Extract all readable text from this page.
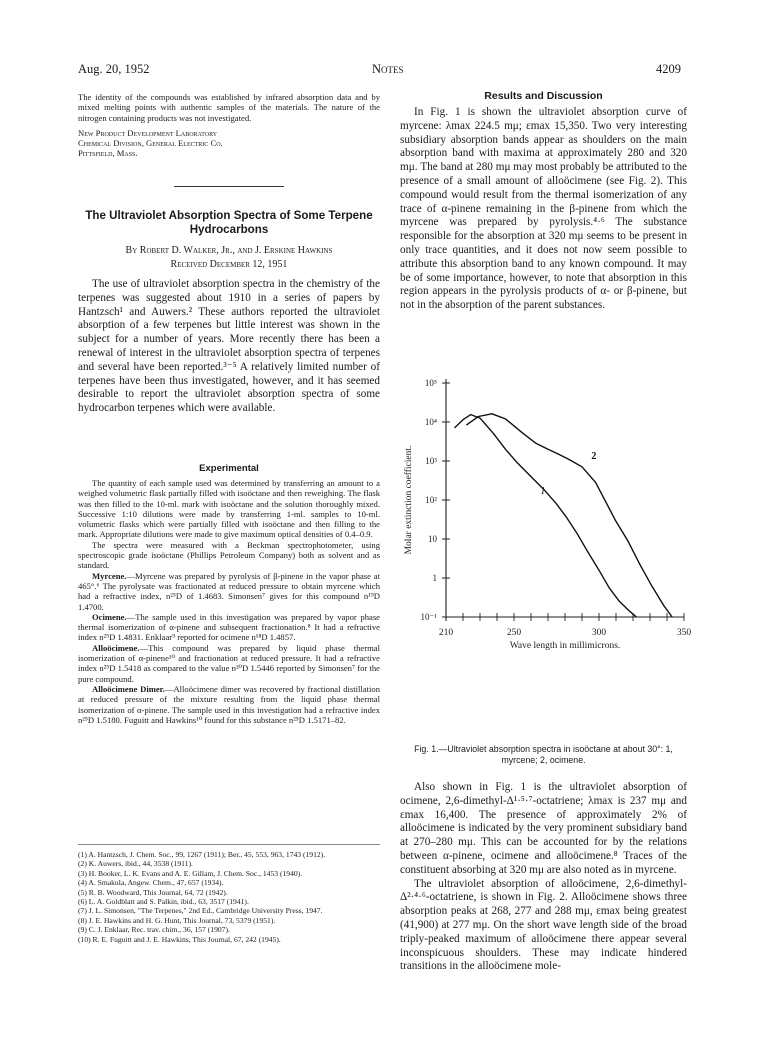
Aug. 20, 1952	Notes	4209

The identity of the compounds was established by infrared absorption data and by mixed melting points with authentic samples of the materials. The nature of the nitrogen containing products was not investigated.

New Product Development Laboratory
Chemical Division, General Electric Co.
Pittsfield, Mass.
The Ultraviolet Absorption Spectra of Some Terpene Hydrocarbons
By Robert D. Walker, Jr., and J. Erskine Hawkins
Received December 12, 1951

The use of ultraviolet absorption spectra in the chemistry of the terpenes was suggested about 1910 in a series of papers by Hantzsch¹ and Auwers.² These authors reported the ultraviolet absorption of a few terpenes but little interest was shown in the subject for a number of years. More recently there has been a renewal of interest in the ultraviolet absorption spectra of terpenes and several have been reported.³⁻⁵ A relatively limited number of terpenes have been thus investigated, however, and it has seemed desirable to report the ultraviolet absorption spectra of some hydrocarbon terpenes which were available.

Experimental

The quantity of each sample used was determined by transferring an amount to a weighed volumetric flask partially filled with isoöctane and then reweighing. The flask was then filled to the 10-ml. mark with isoöctane and the solution thoroughly mixed. Successive 1:10 dilutions were made by transferring 1-ml. samples to 10-ml. volumetric flasks which were partially filled with isoöctane and then filling to the mark. Appropriate dilutions were made to give maximum optical densities of 0.4–0.9.

The spectra were measured with a Beckman spectrophotometer, using spectroscopic grade isoöctane (Phillips Petroleum Company) both as solvent and as standard.

Myrcene.—Myrcene was prepared by pyrolysis of β-pinene in the vapor phase at 465°.⁶ The pyrolysate was fractionated at reduced pressure to obtain myrcene which had a refractive index, n²⁵D of 1.4683. Simonsen⁷ gives for this compound n¹⁹D 1.4700.

Ocimene.—The sample used in this investigation was prepared by vapor phase thermal isomerization of α-pinene and subsequent fractionation.⁸ It had a refractive index n²⁵D 1.4831. Enklaar⁹ reported for ocimene n¹⁸D 1.4857.

Alloöcimene.—This compound was prepared by liquid phase thermal isomerization of α-pinene¹⁰ and fractionation at reduced pressure. It had a refractive index n²⁵D 1.5418 as compared to the value n²⁰D 1.5446 reported by Simonsen⁷ for the pure compound.

Alloöcimene Dimer.—Alloöcimene dimer was recovered by fractional distillation at reduced pressure of the mixture resulting from the liquid phase thermal isomerization of α-pinene. The sample used in this investigation had a refractive index n²⁵D 1.5180. Fuguitt and Hawkins¹⁰ found for this substance n²⁵D 1.5171–82.

(1) A. Hantzsch, J. Chem. Soc., 99, 1267 (1911); Ber., 45, 553, 963, 1743 (1912).
(2) K. Auwers, ibid., 44, 3538 (1911).
(3) H. Booker, L. K. Evans and A. E. Gillam, J. Chem. Soc., 1453 (1940).
(4) A. Smakula, Angew. Chem., 47, 657 (1934).
(5) R. B. Woodward, This Journal, 64, 72 (1942).
(6) L. A. Goldblatt and S. Palkin, ibid., 63, 3517 (1941).
(7) J. L. Simonsen, "The Terpenes," 2nd Ed., Cambridge University Press, 1947.
(8) J. E. Hawkins and H. G. Hunt, This Journal, 73, 5379 (1951).
(9) C. J. Enklaar, Rec. trav. chim., 36, 157 (1907).
(10) R. E. Fuguitt and J. E. Hawkins, This Journal, 67, 242 (1945).
Results and Discussion

In Fig. 1 is shown the ultraviolet absorption curve of myrcene: λmax 224.5 mμ; εmax 15,350. Two very interesting subsidiary absorption bands appear as shoulders on the main absorption band with maxima at approximately 280 and 320 mμ. The band at 280 mμ may most probably be attributed to the presence of a small amount of alloöcimene (see Fig. 2). This compound would result from the thermal isomerization of any trace of α-pinene remaining in the β-pinene from which the myrcene was prepared by pyrolysis.⁴·⁶ The substance responsible for the absorption at 320 mμ seems to be present in only trace quantities, and it does not now seem possible to attribute this absorption band to any known compound. It may be of some importance, however, to note that absorption in this region appears in the pyrolysis products of α- or β-pinene, but not in the absorption of the parent substances.

10⁻¹
1
10
10²
10³
10⁴
10⁵
210	250	300	350
Wave length in millimicrons.
Molar extinction coefficient.	1
2
Fig. 1.—Ultraviolet absorption spectra in isoöctane at about 30°: 1, myrcene; 2, ocimene.

Also shown in Fig. 1 is the ultraviolet absorption of ocimene, 2,6-dimethyl-Δ¹·⁵·⁷-octatriene; λmax is 237 mμ and εmax 16,400. The presence of approximately 2% of alloöcimene is indicated by the very prominent subsidiary band at 270–280 mμ. This can be accounted for by the relations between α-pinene, ocimene and alloöcimene.⁸ Traces of the constituent absorbing at 320 mμ are also noted as in myrcene.

The ultraviolet absorption of alloöcimene, 2,6-dimethyl-Δ²·⁴·⁶-octatriene, is shown in Fig. 2. Alloöcimene shows three absorption peaks at 268, 277 and 288 mμ, εmax being greatest (41,900) at 277 mμ. On the short wave length side of the broad triply-peaked maximum of alloöcimene there appear several inconspicuous shoulders. These may indicate hindered transitions in the alloöcimene mole-
